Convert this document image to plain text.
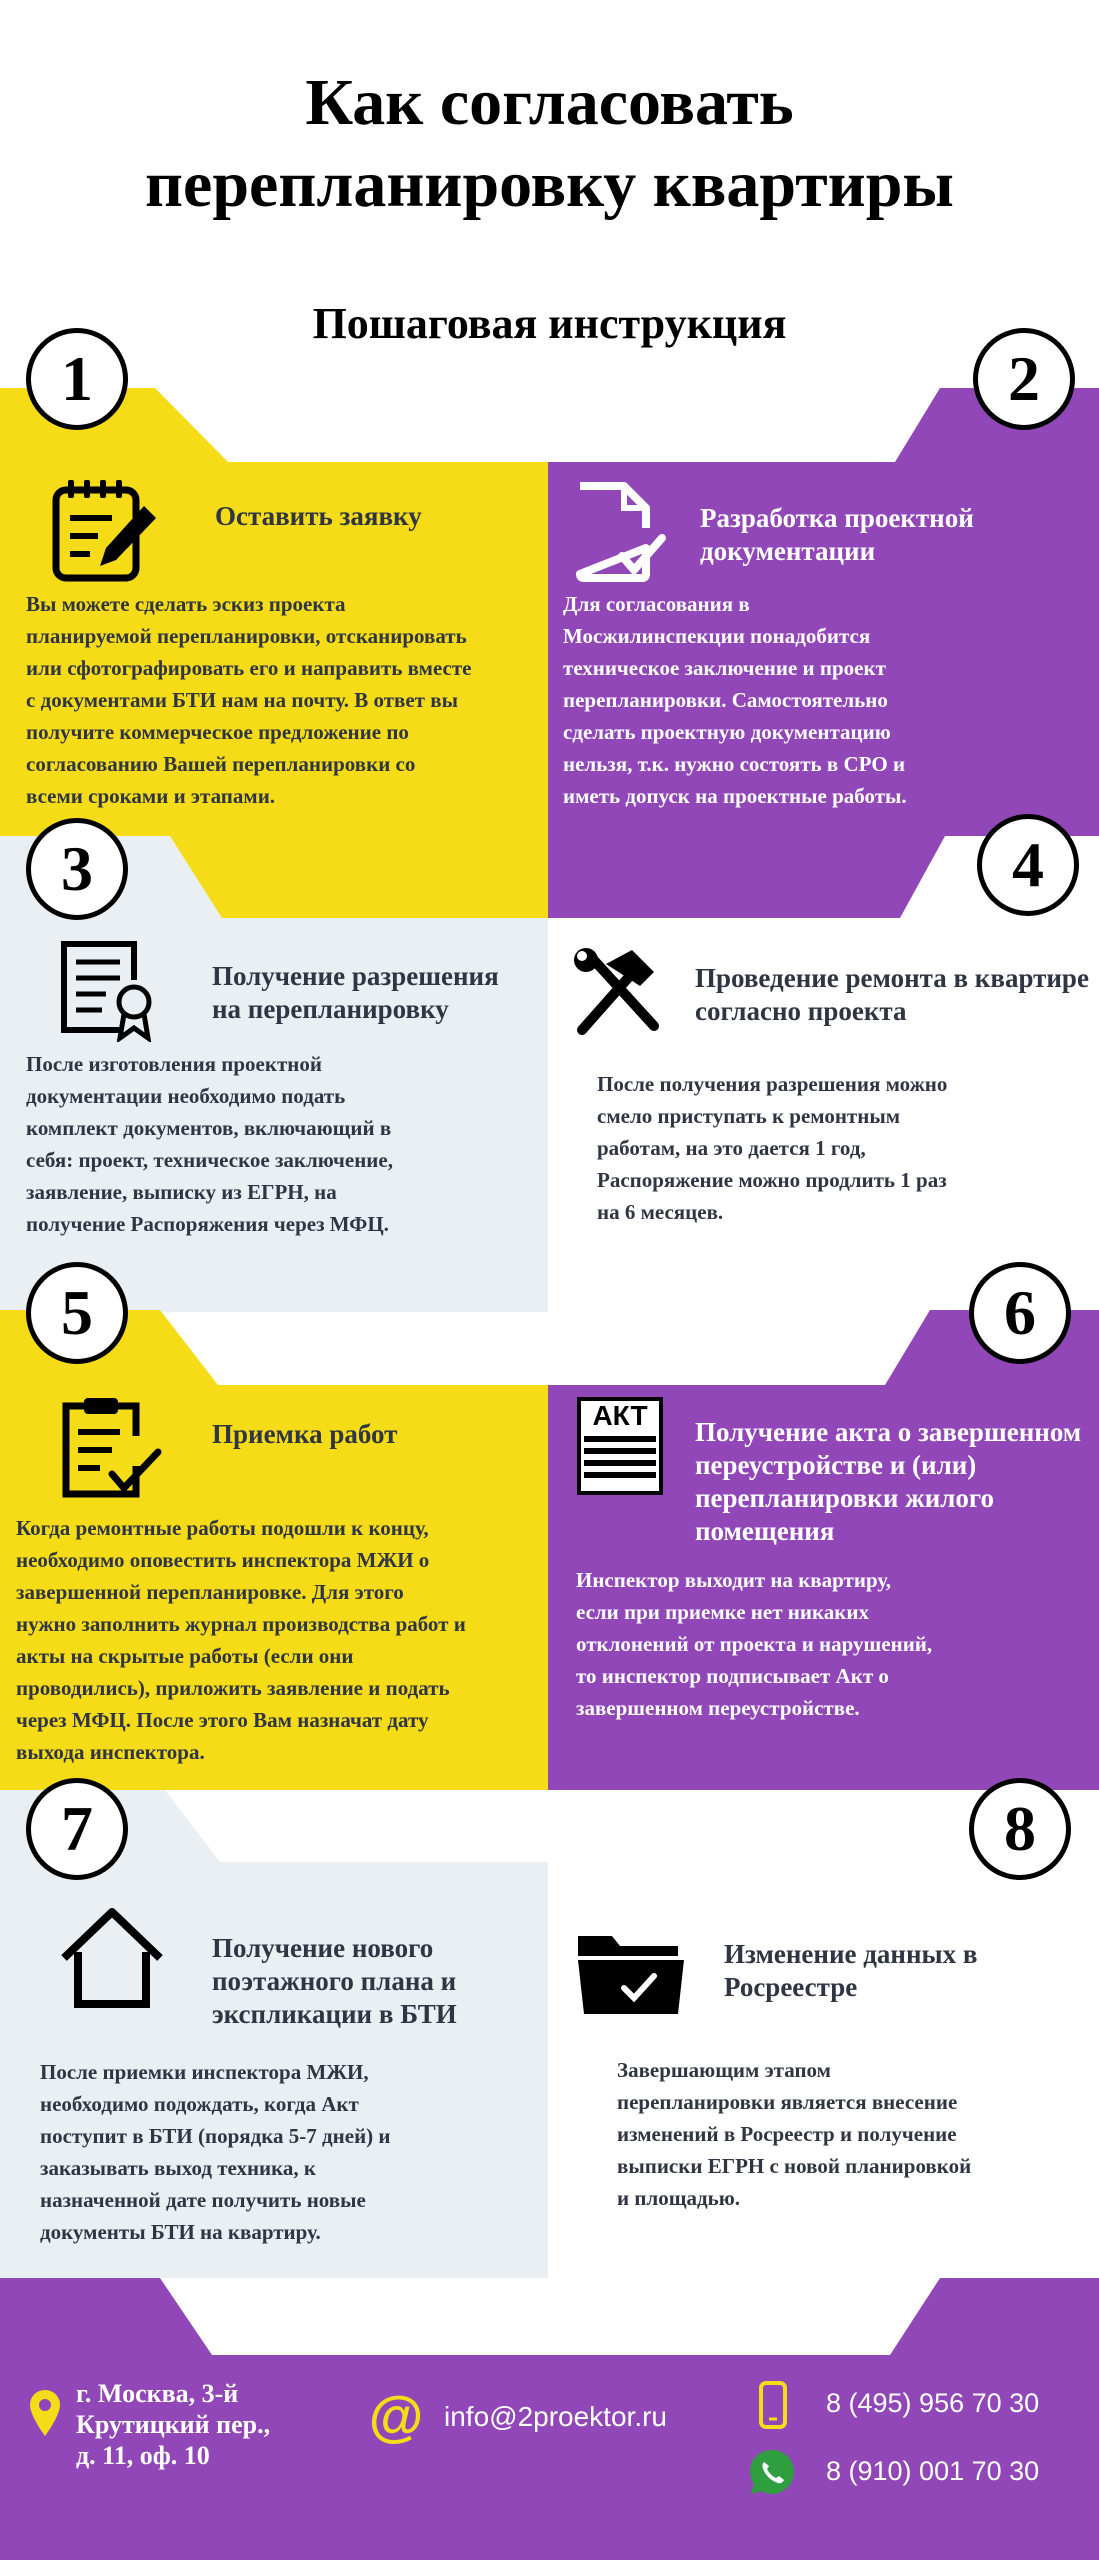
Как согласовать
перепланировку квартиры
Пошаговая инструкция
1	2
3	4
5	6
7	8
Оставить заявку
Вы можете сделать эскиз проекта
планируемой перепланировки, отсканировать
или сфотографировать его и направить вместе
с документами БТИ нам на почту. В ответ вы
получите коммерческое предложение по
согласованию Вашей перепланировки со
всеми сроками и этапами.
Разработка проектной документации
Для согласования в
Мосжилинспекции понадобится
техническое заключение и проект
перепланировки. Самостоятельно
сделать проектную документацию
нельзя, т.к. нужно состоять в СРО и
иметь допуск на проектные работы.
Получение разрешения на перепланировку
После изготовления проектной
документации необходимо подать
комплект документов, включающий в
себя: проект, техническое заключение,
заявление, выписку из ЕГРН, на
получение Распоряжения через МФЦ.
Проведение ремонта в квартире согласно проекта
После получения разрешения можно
смело приступать к ремонтным
работам, на это дается 1 год,
Распоряжение можно продлить 1 раз
на 6 месяцев.
Приемка работ
Когда ремонтные работы подошли к концу,
необходимо оповестить инспектора МЖИ о
завершенной перепланировке. Для этого
нужно заполнить журнал производства работ и
акты на скрытые работы (если они
проводились), приложить заявление и подать
через МФЦ. После этого Вам назначат дату
выхода инспектора.
АКТ
Получение акта о завершенном переустройстве и (или) перепланировки жилого помещения
Инспектор выходит на квартиру,
если при приемке нет никаких
отклонений от проекта и нарушений,
то инспектор подписывает Акт о
завершенном переустройстве.
Получение нового поэтажного плана и экспликации в БТИ
После приемки инспектора МЖИ,
необходимо подождать, когда Акт
поступит в БТИ (порядка 5-7 дней) и
заказывать выход техника, к
назначенной дате получить новые
документы БТИ на квартиру.
Изменение данных в Росреестре
Завершающим этапом
перепланировки является внесение
изменений в Росреестр и получение
выписки ЕГРН с новой планировкой
и площадью.
г. Москва, 3-й
Крутицкий пер.,
д. 11, оф. 10
@ info@2proektor.ru	8 (495) 956 70 30
8 (910) 001 70 30
